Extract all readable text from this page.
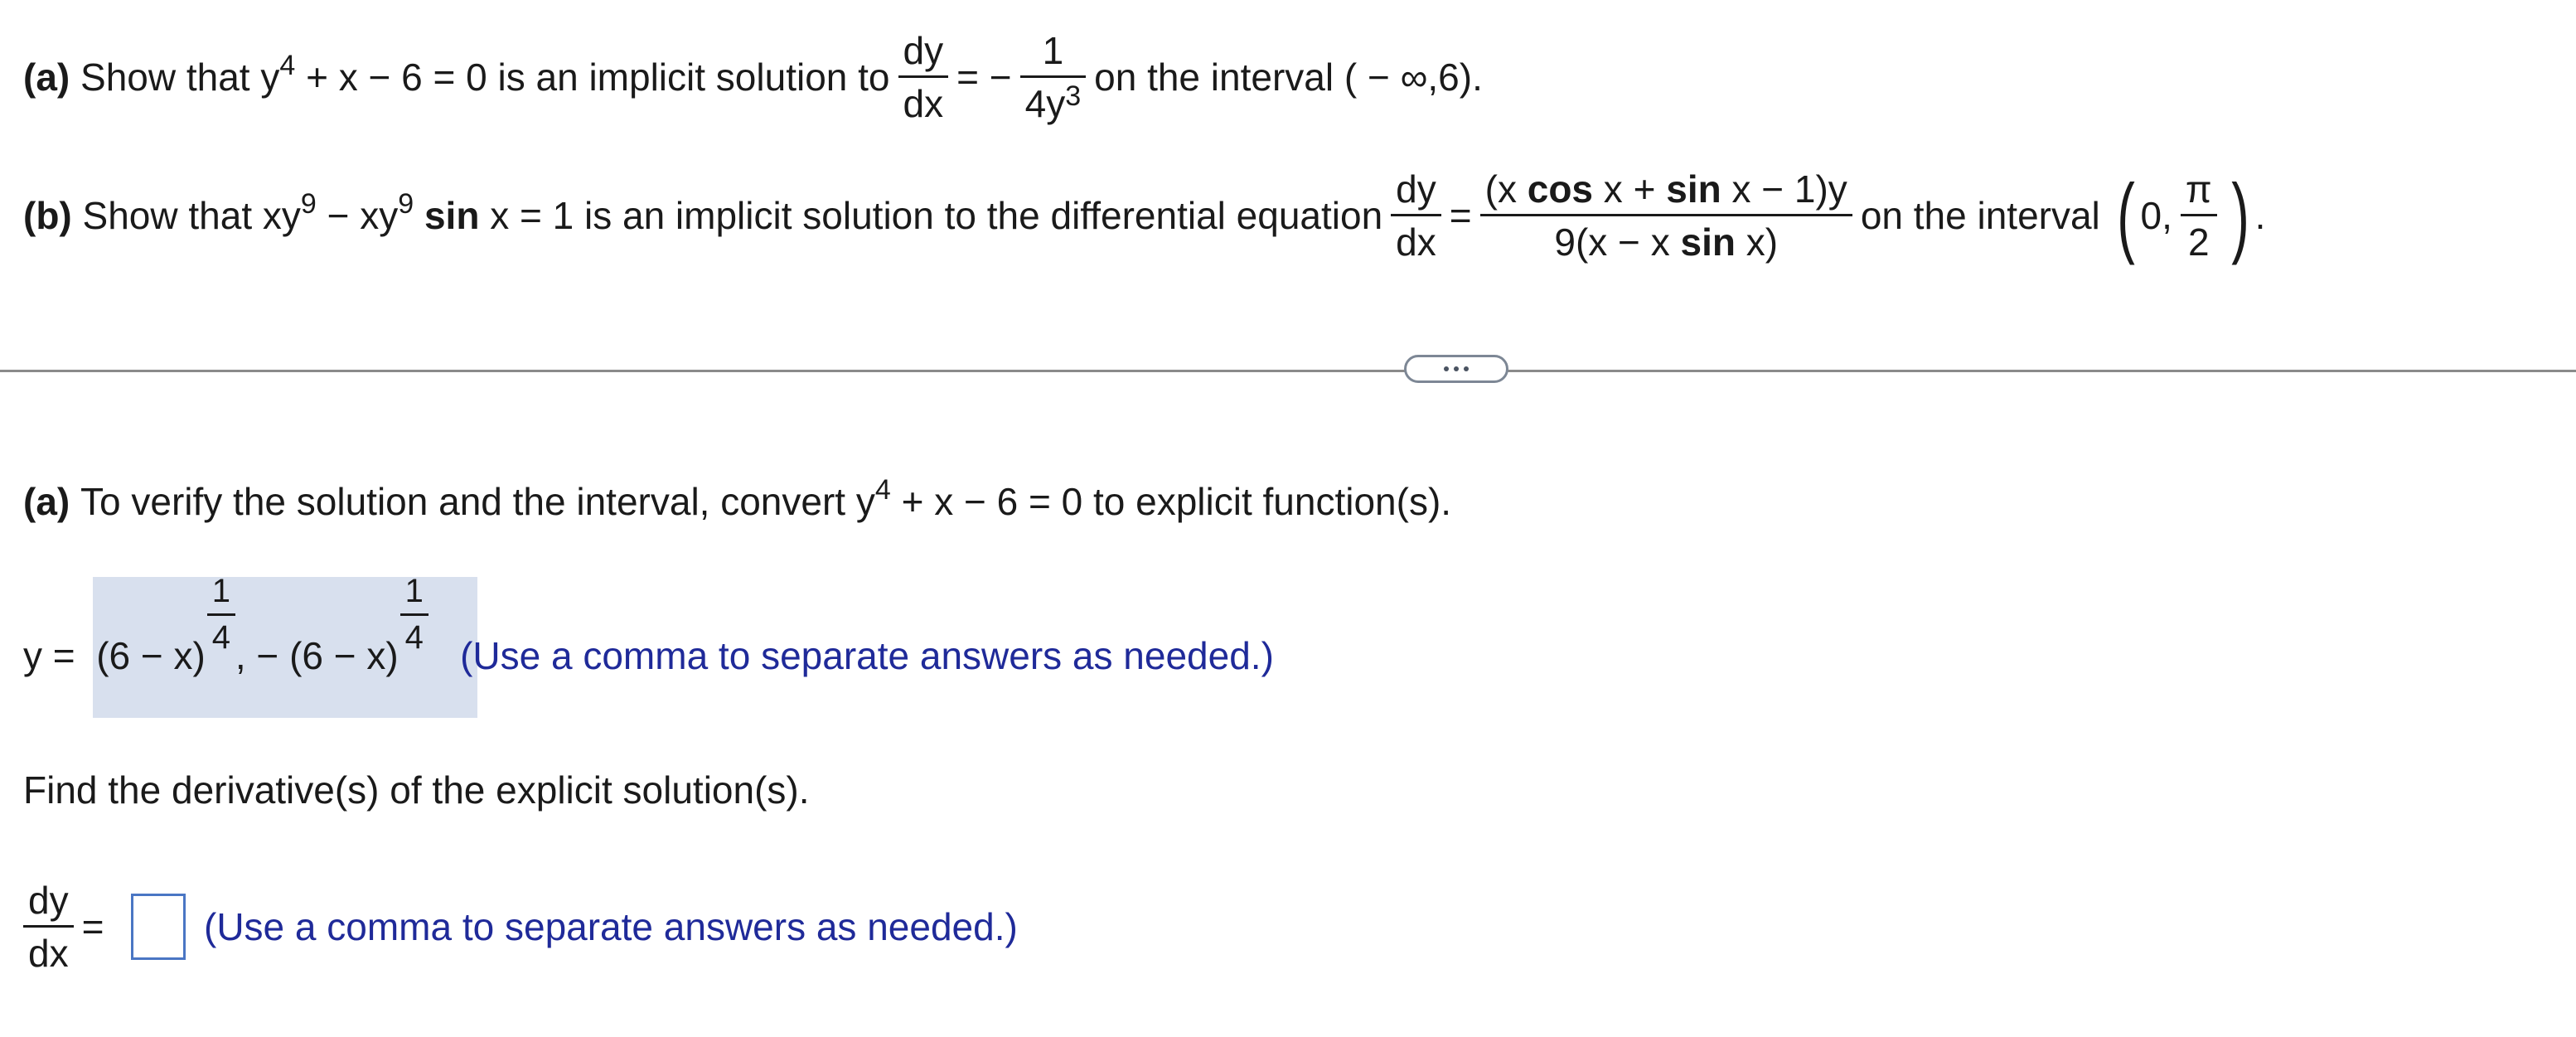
(a)
Show that $y^4$
+ x − 6 = 0 is an implicit solution to $\frac{dy}{dx}$ = − $\frac{1}{4y^3}$ on the interval ( − ∞,6).
(b)
Show that $xy^9$
− $xy^9$
sin
x = 1 is an implicit solution to the differential equation $\frac{dy}{dx} = \frac{\text{(x cos x + sin x − 1)y}}{\text{9(x − x sin x)}}$ on the interval
( 0, $\frac{\pi}{2}$ ) .
(a)
To verify the solution and the interval, convert $y^4$
+ x − 6 = 0 to explicit function(s).
y =
$(6 - x) \frac{1}{4}$ , − $(6 - x) \frac{1}{4}$
(Use a comma to separate answers as needed.)
Find the derivative(s) of the explicit solution(s).
$\frac{dy}{dx}$ =	(Use a comma to separate answers as needed.)
